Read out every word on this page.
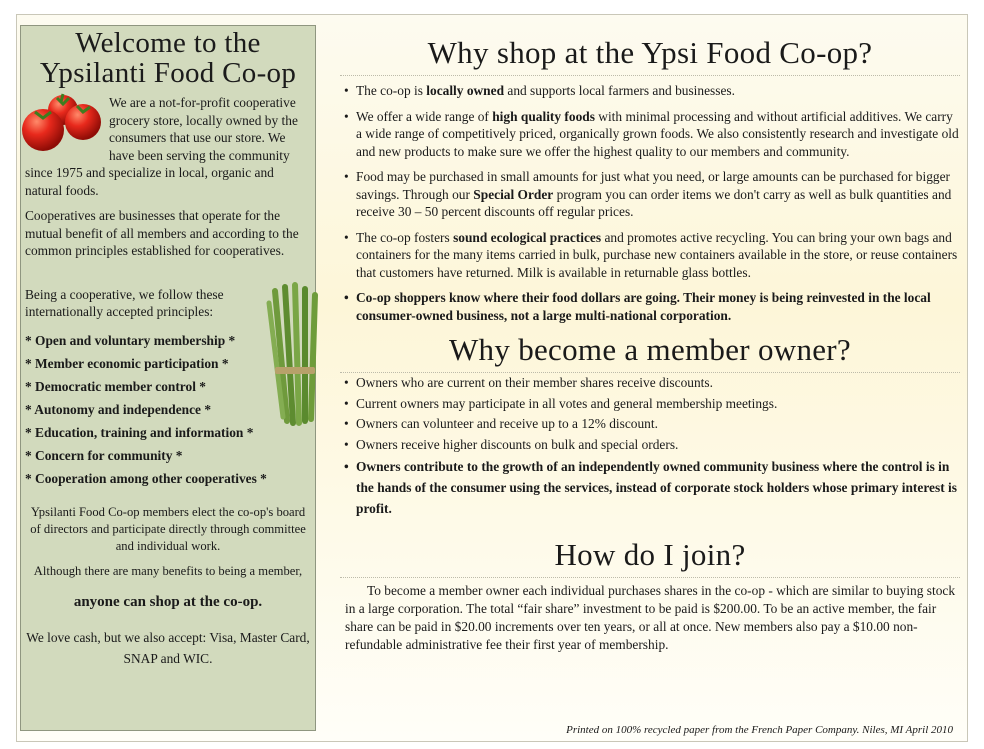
Welcome to the
Ypsilanti Food Co-op

We are a not-for-profit cooperative grocery store, locally owned by the consumers that use our store. We have been serving the community since 1975 and specialize in local, organic and natural foods.

Cooperatives are businesses that operate for the mutual benefit of all members and according to the common principles established for cooperatives.

Being a cooperative, we follow these internationally accepted principles:

* Open and voluntary membership *
* Member economic participation *
* Democratic member control *
* Autonomy and independence *
* Education, training and information *
* Concern for community *
* Cooperation among other cooperatives *

Ypsilanti Food Co-op members elect the co-op's board of directors and participate directly through committee and individual work.

Although there are many benefits to being a member,

anyone can shop at the co-op.
We love cash, but we also accept: Visa, Master Card, SNAP and WIC.
Why shop at the Ypsi Food Co-op?
• The co-op is locally owned and supports local farmers and businesses.
• We offer a wide range of high quality foods with minimal processing and without artificial additives. We carry a wide range of competitively priced, organically grown foods. We also consistently research and investigate old and new products to make sure we offer the highest quality to our members and community.
• Food may be purchased in small amounts for just what you need, or large amounts can be purchased for bigger savings. Through our Special Order program you can order items we don't carry as well as bulk quantities and receive 30 – 50 percent discounts off regular prices.
• The co-op fosters sound ecological practices and promotes active recycling. You can bring your own bags and containers for the many items carried in bulk, purchase new containers available in the store, or reuse containers that customers have returned. Milk is available in returnable glass bottles.
• Co-op shoppers know where their food dollars are going. Their money is being reinvested in the local consumer-owned business, not a large multi-national corporation.
Why become a member owner?
• Owners who are current on their member shares receive discounts.
• Current owners may participate in all votes and general membership meetings.
• Owners can volunteer and receive up to a 12% discount.
• Owners receive higher discounts on bulk and special orders.
• Owners contribute to the growth of an independently owned community business where the control is in the hands of the consumer using the services, instead of corporate stock holders whose primary interest is profit.
How do I join?

To become a member owner each individual purchases shares in the co-op - which are similar to buying stock in a large corporation. The total “fair share” investment to be paid is $200.00. To be an active member, the fair share can be paid in $20.00 increments over ten years, or all at once. New members also pay a $10.00 non-refundable administrative fee their first year of membership.

Printed on 100% recycled paper from the French Paper Company. Niles, MI April 2010
